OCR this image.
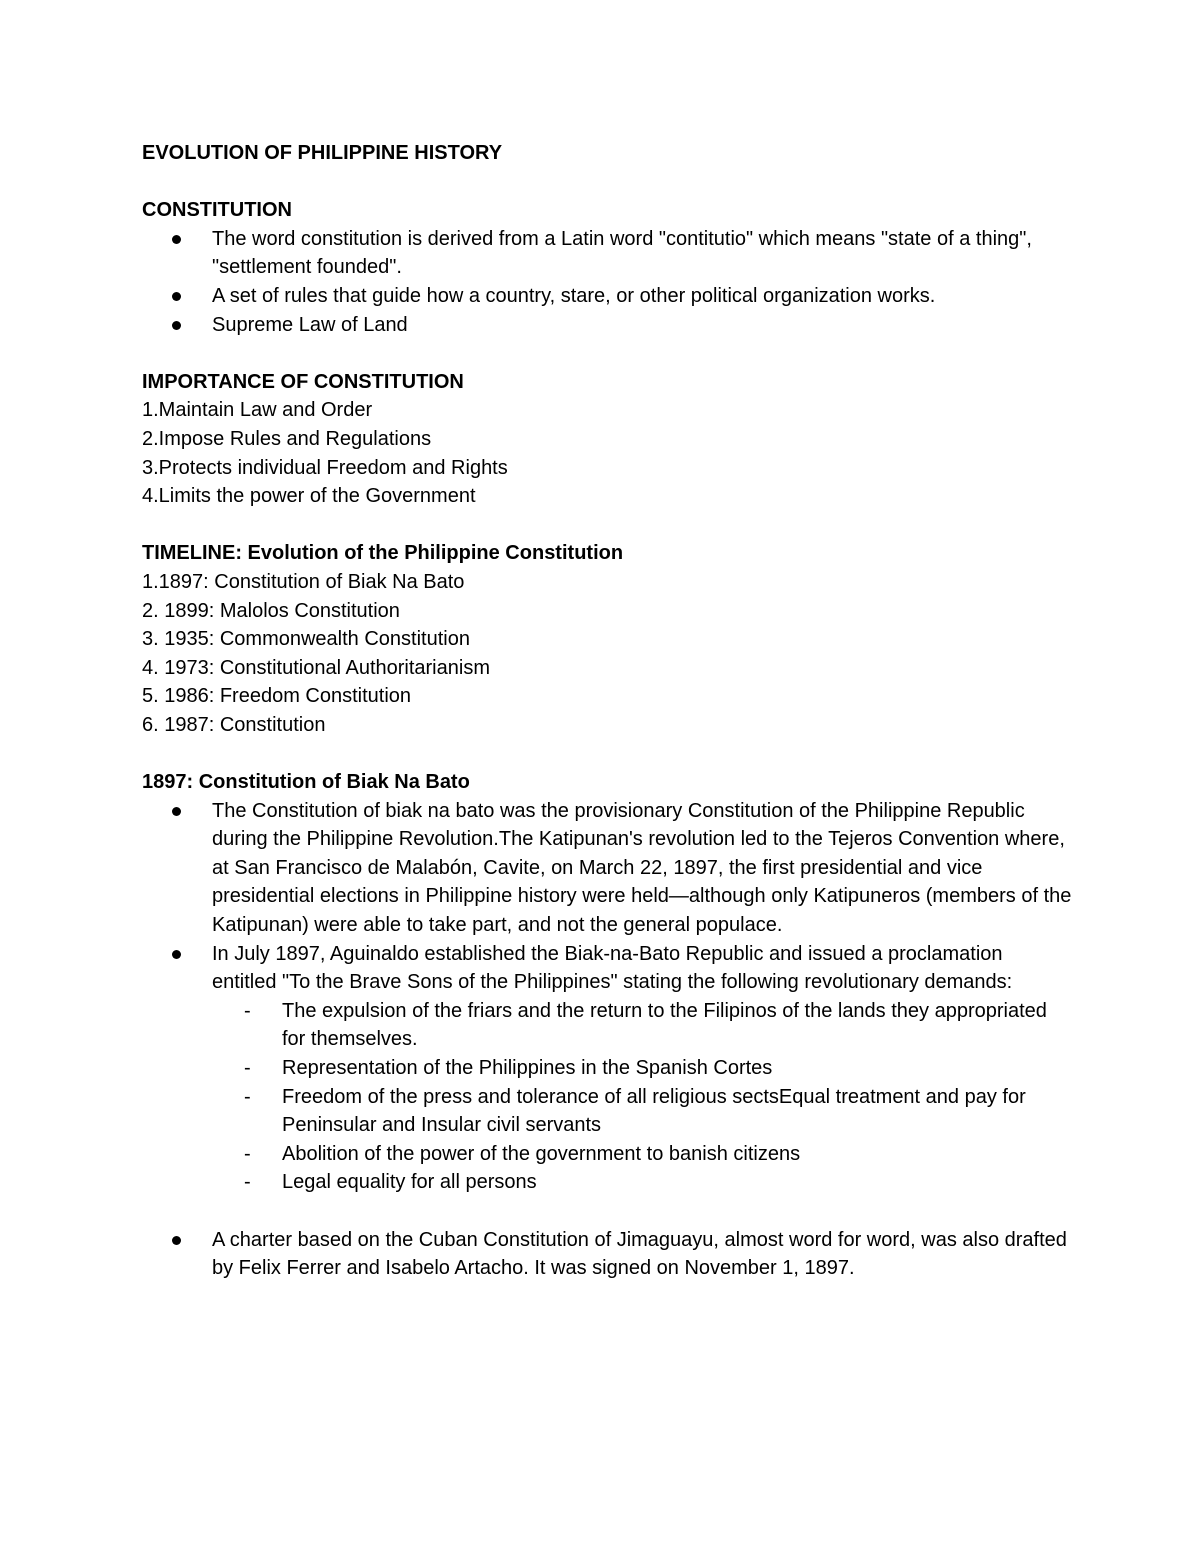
EVOLUTION OF PHILIPPINE HISTORY

CONSTITUTION

The word constitution is derived from a Latin word "contitutio" which means "state of a thing", "settlement founded".
A set of rules that guide how a country, stare, or other political organization works.
Supreme Law of Land

IMPORTANCE OF CONSTITUTION

1.Maintain Law and Order
2.Impose Rules and Regulations
3.Protects individual Freedom and Rights
4.Limits the power of the Government

TIMELINE: Evolution of the Philippine Constitution

1.1897: Constitution of Biak Na Bato
2. 1899: Malolos Constitution
3. 1935: Commonwealth Constitution
4. 1973: Constitutional Authoritarianism
5. 1986: Freedom Constitution
6. 1987: Constitution

1897: Constitution of Biak Na Bato

The Constitution of biak na bato was the provisionary Constitution of the Philippine Republic during the Philippine Revolution.The Katipunan's revolution led to the Tejeros Convention where, at San Francisco de Malabón, Cavite, on March 22, 1897, the first presidential and vice presidential elections in Philippine history were held—although only Katipuneros (members of the Katipunan) were able to take part, and not the general populace.
In July 1897, Aguinaldo established the Biak-na-Bato Republic and issued a proclamation entitled "To the Brave Sons of the Philippines" stating the following revolutionary demands:
- The expulsion of the friars and the return to the Filipinos of the lands they appropriated for themselves.
- Representation of the Philippines in the Spanish Cortes
- Freedom of the press and tolerance of all religious sectsEqual treatment and pay for Peninsular and Insular civil servants
- Abolition of the power of the government to banish citizens
- Legal equality for all persons
A charter based on the Cuban Constitution of Jimaguayu, almost word for word, was also drafted by Felix Ferrer and Isabelo Artacho. It was signed on November 1, 1897.
